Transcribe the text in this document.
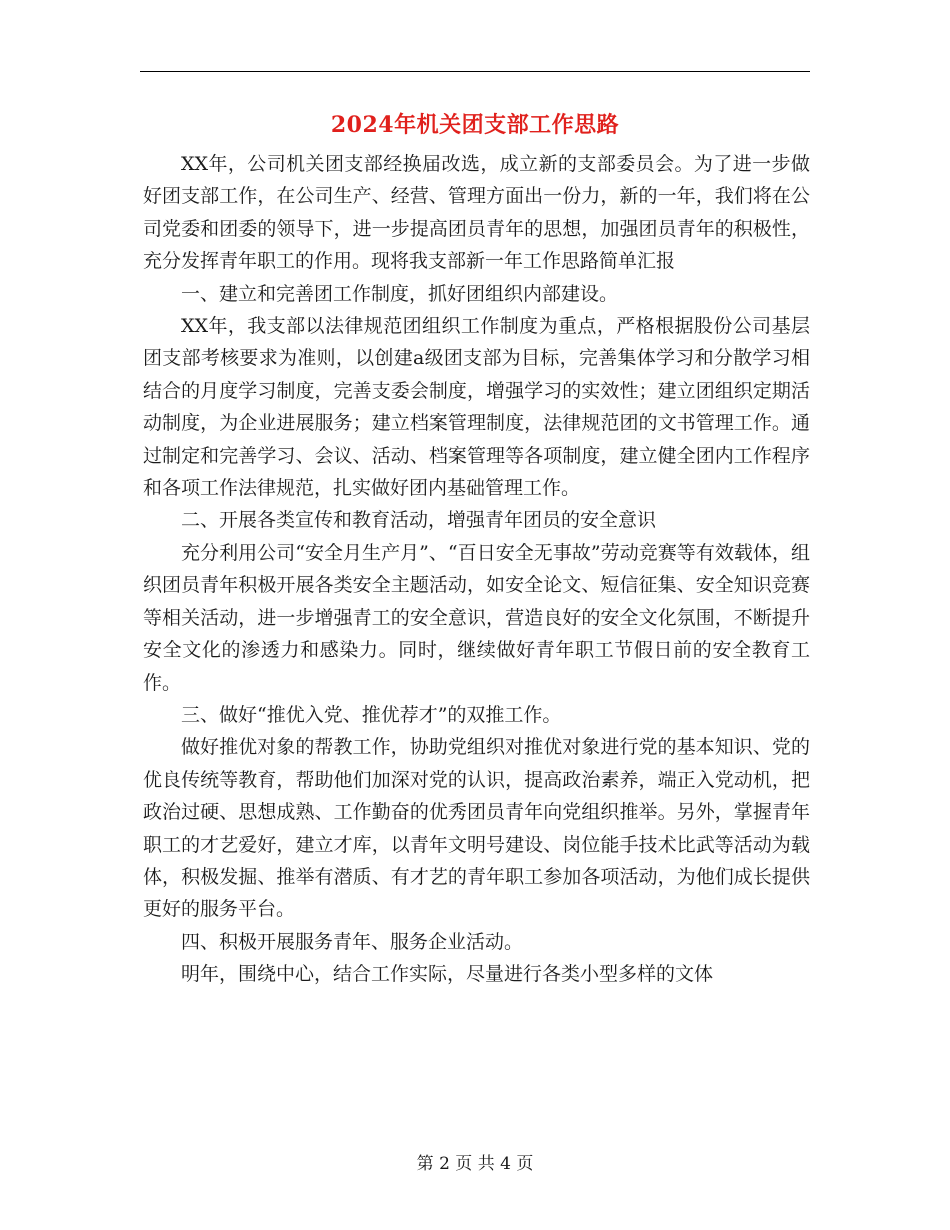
2024年机关团支部工作思路

XX年，公司机关团支部经换届改选，成立新的支部委员会。为了进一步做好团支部工作，在公司生产、经营、管理方面出一份力，新的一年，我们将在公司党委和团委的领导下，进一步提高团员青年的思想，加强团员青年的积极性，充分发挥青年职工的作用。现将我支部新一年工作思路简单汇报

一、建立和完善团工作制度，抓好团组织内部建设。

XX年，我支部以法律规范团组织工作制度为重点，严格根据股份公司基层团支部考核要求为准则，以创建a级团支部为目标，完善集体学习和分散学习相结合的月度学习制度，完善支委会制度，增强学习的实效性；建立团组织定期活动制度，为企业进展服务；建立档案管理制度，法律规范团的文书管理工作。通过制定和完善学习、会议、活动、档案管理等各项制度，建立健全团内工作程序和各项工作法律规范，扎实做好团内基础管理工作。

二、开展各类宣传和教育活动，增强青年团员的安全意识

充分利用公司“安全月生产月”、“百日安全无事故”劳动竞赛等有效载体，组织团员青年积极开展各类安全主题活动，如安全论文、短信征集、安全知识竞赛等相关活动，进一步增强青工的安全意识，营造良好的安全文化氛围，不断提升安全文化的渗透力和感染力。同时，继续做好青年职工节假日前的安全教育工作。

三、做好“推优入党、推优荐才”的双推工作。

做好推优对象的帮教工作，协助党组织对推优对象进行党的基本知识、党的优良传统等教育，帮助他们加深对党的认识，提高政治素养，端正入党动机，把政治过硬、思想成熟、工作勤奋的优秀团员青年向党组织推举。另外，掌握青年职工的才艺爱好，建立才库，以青年文明号建设、岗位能手技术比武等活动为载体，积极发掘、推举有潜质、有才艺的青年职工参加各项活动，为他们成长提供更好的服务平台。

四、积极开展服务青年、服务企业活动。

明年，围绕中心，结合工作实际，尽量进行各类小型多样的文体

第 2 页 共 4 页
